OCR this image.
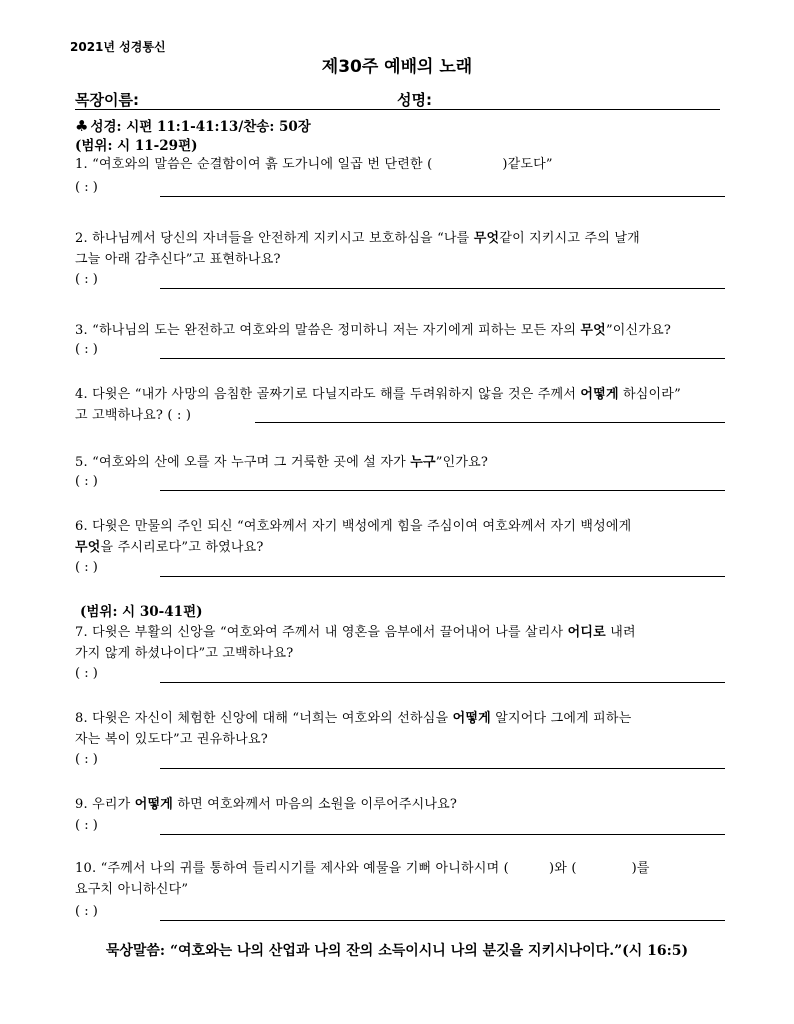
2021년 성경통신
제30주 예배의 노래
목장이름:	성명:
♣ 성경: 시편 11:1-41:13/찬송: 50장
(범위: 시 11-29편)
1. “여호와의 말씀은 순결함이여 흙 도가니에 일곱 번 단련한 (	)같도다”
( : )
2. 하나님께서 당신의 자녀들을 안전하게 지키시고 보호하심을 “나를 무엇같이 지키시고 주의 날개
그늘 아래 감추신다”고 표현하나요?
( : )
3. “하나님의 도는 완전하고 여호와의 말씀은 정미하니 저는 자기에게 피하는 모든 자의 무엇”이신가요?
( : )
4. 다윗은 “내가 사망의 음침한 골짜기로 다닐지라도 해를 두려워하지 않을 것은 주께서 어떻게 하심이라”
고 고백하나요? ( : )
5. “여호와의 산에 오를 자 누구며 그 거룩한 곳에 설 자가 누구”인가요?
( : )
6. 다윗은 만물의 주인 되신 “여호와께서 자기 백성에게 힘을 주심이여 여호와께서 자기 백성에게
무엇을 주시리로다”고 하였나요?
( : )
(범위: 시 30-41편)
7. 다윗은 부활의 신앙을 “여호와여 주께서 내 영혼을 음부에서 끌어내어 나를 살리사 어디로 내려
가지 않게 하셨나이다”고 고백하나요?
( : )
8. 다윗은 자신이 체험한 신앙에 대해 “너희는 여호와의 선하심을 어떻게 알지어다 그에게 피하는
자는 복이 있도다”고 권유하나요?
( : )
9. 우리가 어떻게 하면 여호와께서 마음의 소원을 이루어주시나요?
( : )
10. “주께서 나의 귀를 통하여 들리시기를 제사와 예물을 기뻐 아니하시며 (	)와 (	)를
요구치 아니하신다”
( : )
묵상말씀: “여호와는 나의 산업과 나의 잔의 소득이시니 나의 분깃을 지키시나이다.”(시 16:5)
